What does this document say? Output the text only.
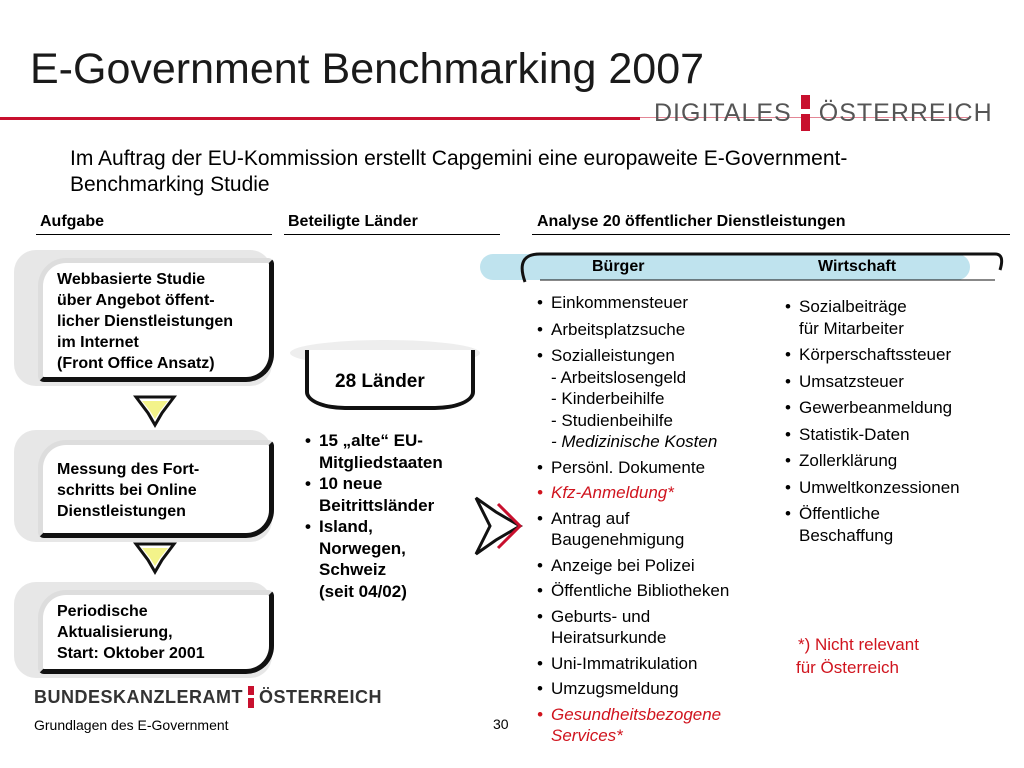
E-Government Benchmarking 2007
DIGITALES ÖSTERREICH
Im Auftrag der EU-Kommission erstellt Capgemini eine europaweite E-Government-Benchmarking Studie
Aufgabe	Beteiligte Länder	Analyse 20 öffentlicher Dienstleistungen
Webbasierte Studie
über Angebot öffent-
licher Dienstleistungen
im Internet
(Front Office Ansatz)
Messung des Fort-
schritts bei Online
Dienstleistungen
Periodische
Aktualisierung,
Start: Oktober 2001
BUNDESKANZLERAMT ÖSTERREICH
28 Länder
• 15 „alte“ EU-
Mitgliedstaaten
• 10 neue
Beitrittsländer
• Island,
Norwegen,
Schweiz
(seit 04/02)
Bürger	Wirtschaft
• Einkommensteuer
• Arbeitsplatzsuche
• Sozialleistungen
- Arbeitslosengeld
- Kinderbeihilfe
- Studienbeihilfe
- Medizinische Kosten
• Persönl. Dokumente
• Kfz-Anmeldung*
• Antrag auf
Baugenehmigung
• Anzeige bei Polizei
• Öffentliche Bibliotheken
• Geburts- und
Heiratsurkunde
• Uni-Immatrikulation
• Umzugsmeldung
• Gesundheitsbezogene
Services*
• Sozialbeiträge
für Mitarbeiter
• Körperschaftssteuer
• Umsatzsteuer
• Gewerbeanmeldung
• Statistik-Daten
• Zollerklärung
• Umweltkonzessionen
• Öffentliche
Beschaffung
*) Nicht relevant
für Österreich
Grundlagen des E-Government	30
